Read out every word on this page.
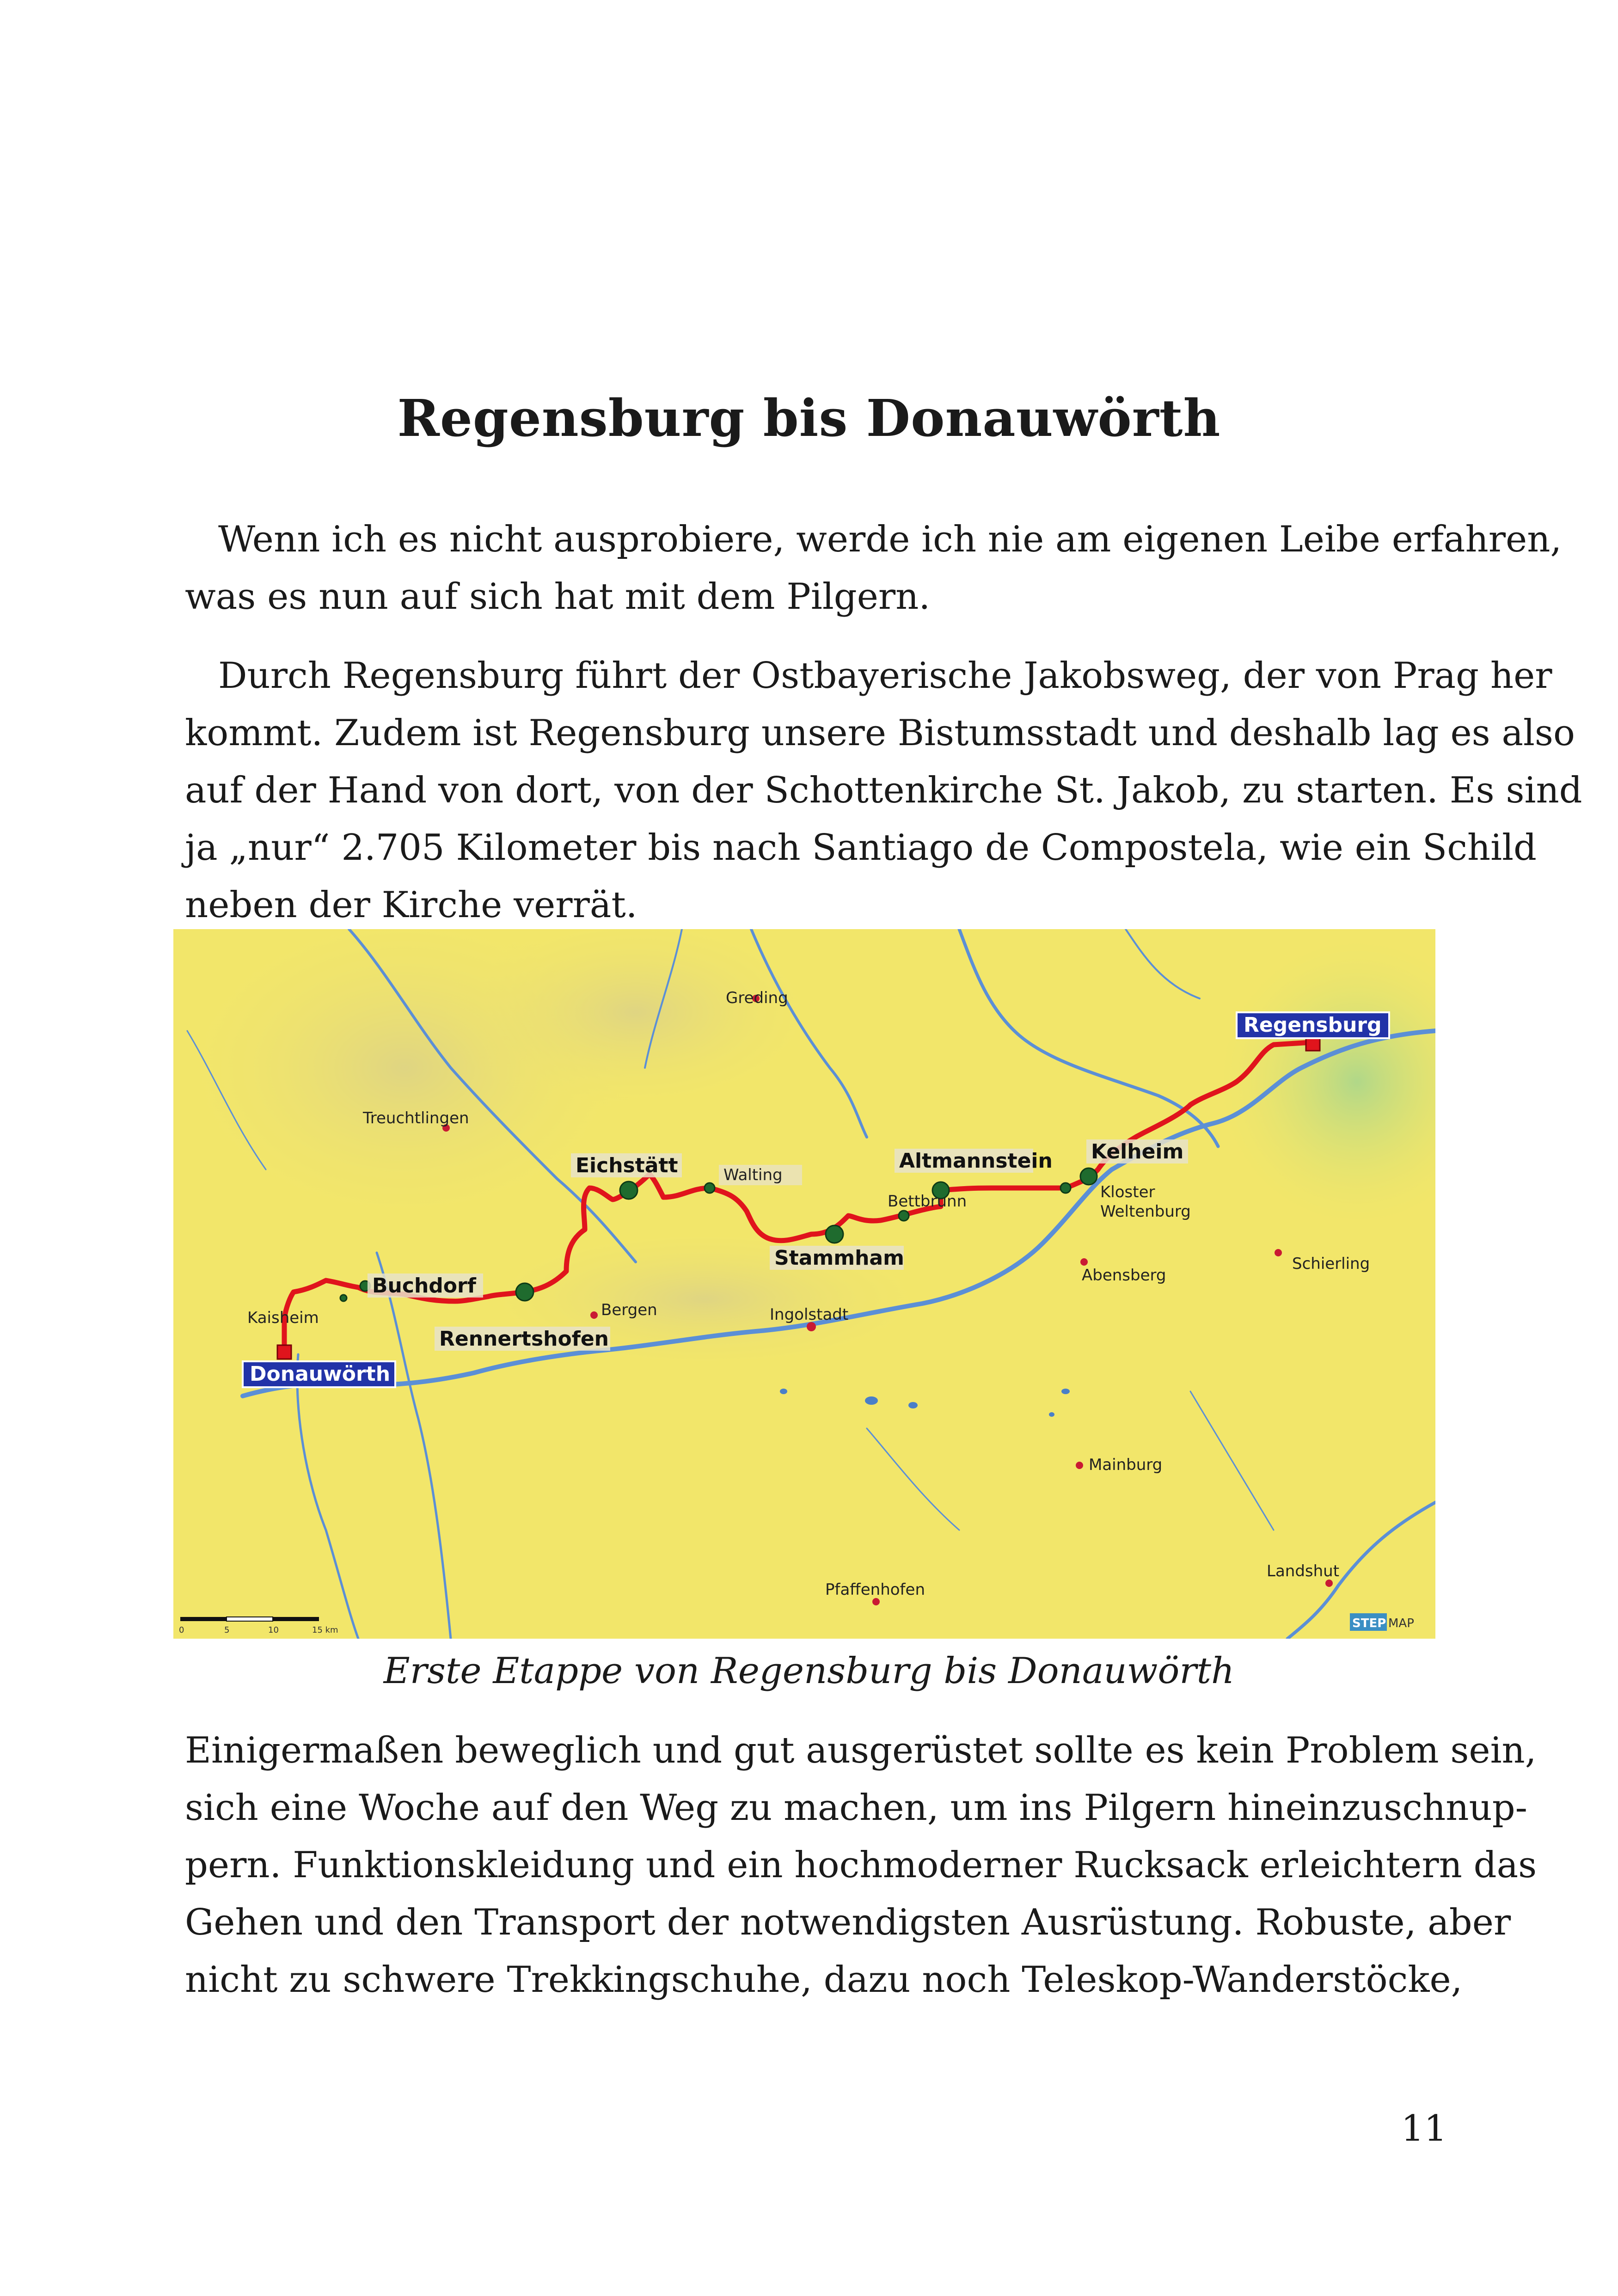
Regensburg bis Donauwörth
Wenn ich es nicht ausprobiere, werde ich nie am eigenen Leibe erfahren,
was es nun auf sich hat mit dem Pilgern.
Durch Regensburg führt der Ostbayerische Jakobsweg, der von Prag her
kommt. Zudem ist Regensburg unsere Bistumsstadt und deshalb lag es also
auf der Hand von dort, von der Schottenkirche St. Jakob, zu starten. Es sind
ja „nur“ 2.705 Kilometer bis nach Santiago de Compostela, wie ein Schild
neben der Kirche verrät.
Regensburg
Donauwörth
Kelheim
Altmannstein
Eichstätt
Stammham
Buchdorf
Rennertshofen
Greding
Treuchtlingen
Walting
Bettbrunn	Kloster
Weltenburg
Kaisheim	Bergen	Ingolstadt
Abensberg
Schierling
Mainburg
Pfaffenhofen
Landshut
0	5	10	15 km	STEP MAP
Erste Etappe von Regensburg bis Donauwörth
Einigermaßen beweglich und gut ausgerüstet sollte es kein Problem sein,
sich eine Woche auf den Weg zu machen, um ins Pilgern hineinzuschnup-
pern. Funktionskleidung und ein hochmoderner Rucksack erleichtern das
Gehen und den Transport der notwendigsten Ausrüstung. Robuste, aber
nicht zu schwere Trekkingschuhe, dazu noch Teleskop-Wanderstöcke,
11
